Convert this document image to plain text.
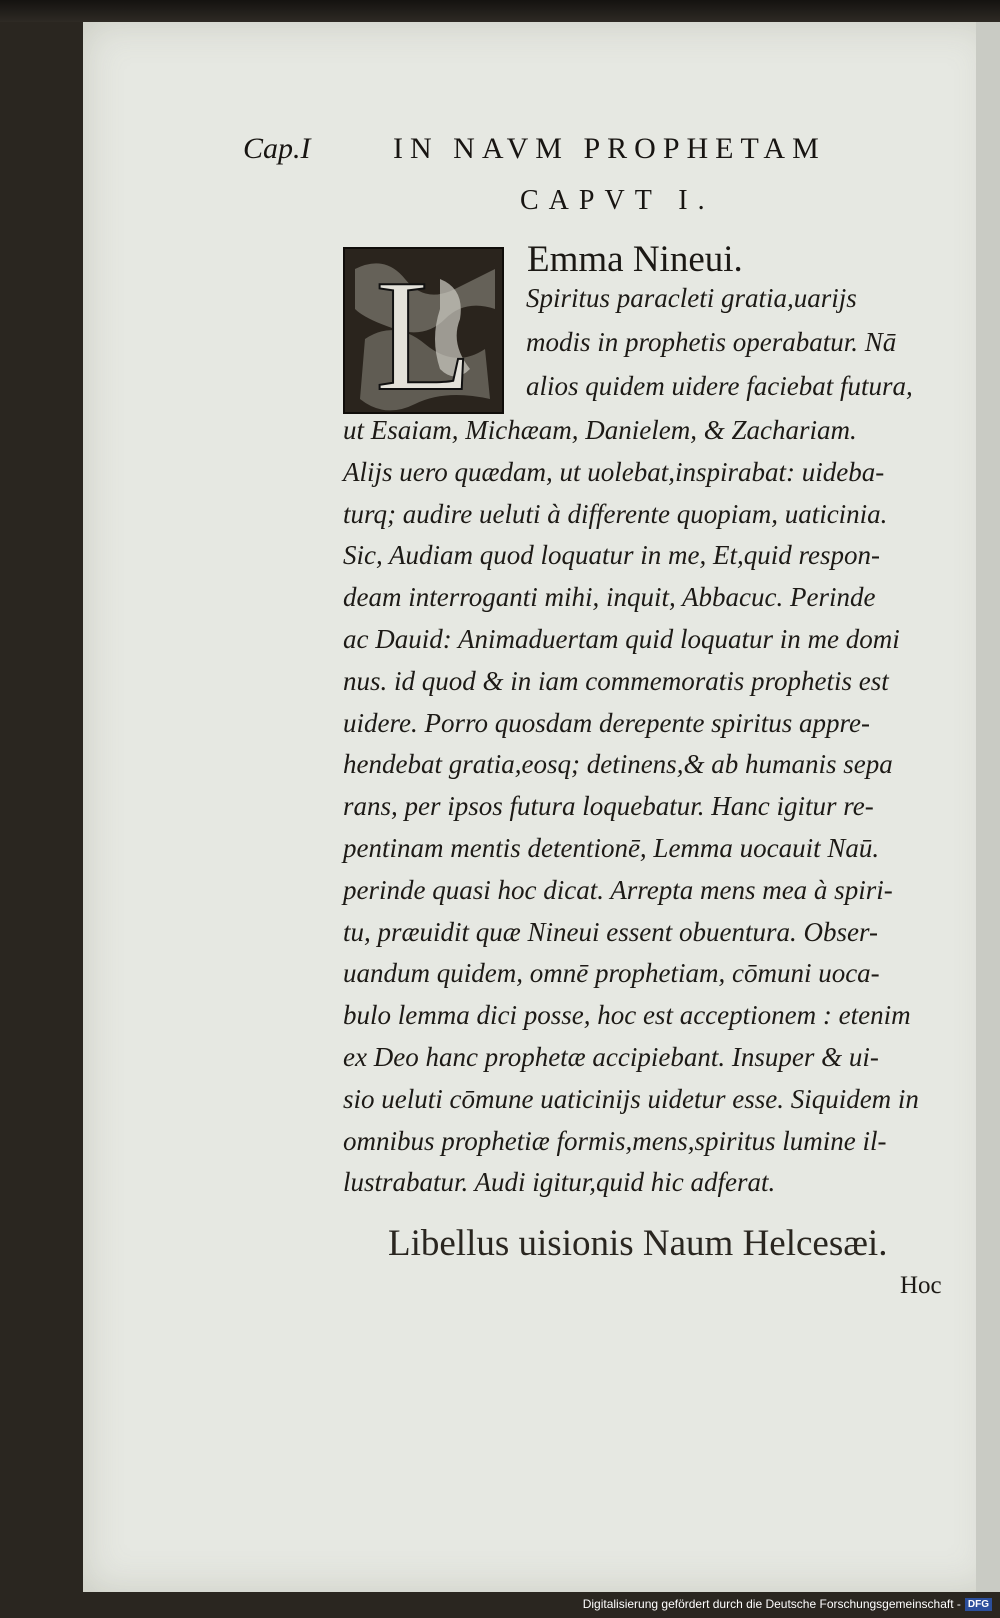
Cap.I	IN NAVM PROPHETAM
CAPVT I.
L Emma Nineui.
Spiritus paracleti gratia,uarijs
modis in prophetis operabatur. Nā
alios quidem uidere faciebat futura,
ut Esaiam, Michæam, Danielem, & Zachariam.
Alijs uero quædam, ut uolebat,inspirabat: uideba-
turq; audire ueluti à differente quopiam, uaticinia.
Sic, Audiam quod loquatur in me, Et,quid respon-
deam interroganti mihi, inquit, Abbacuc. Perinde
ac Dauid: Animaduertam quid loquatur in me domi
nus. id quod & in iam commemoratis prophetis est
uidere. Porro quosdam derepente spiritus appre-
hendebat gratia,eosq; detinens,& ab humanis sepa
rans, per ipsos futura loquebatur. Hanc igitur re-
pentinam mentis detentionē, Lemma uocauit Naū.
perinde quasi hoc dicat. Arrepta mens mea à spiri-
tu, præuidit quæ Nineui essent obuentura. Obser-
uandum quidem, omnē prophetiam, cōmuni uoca-
bulo lemma dici posse, hoc est acceptionem : etenim
ex Deo hanc prophetæ accipiebant. Insuper & ui-
sio ueluti cōmune uaticinijs uidetur esse. Siquidem in
omnibus prophetiæ formis,mens,spiritus lumine il-
lustrabatur. Audi igitur,quid hic adferat.
Libellus uisionis Naum Helcesæi.
Hoc
Digitalisierung gefördert durch die Deutsche Forschungsgemeinschaft - DFG
